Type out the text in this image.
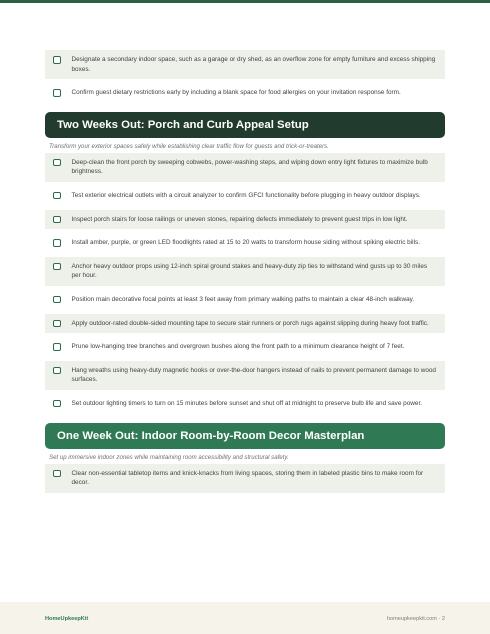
Designate a secondary indoor space, such as a garage or dry shed, as an overflow zone for empty furniture and excess shipping boxes.
Confirm guest dietary restrictions early by including a blank space for food allergies on your invitation response form.
Two Weeks Out: Porch and Curb Appeal Setup
Transform your exterior spaces safely while establishing clear traffic flow for guests and trick-or-treaters.
Deep-clean the front porch by sweeping cobwebs, power-washing steps, and wiping down entry light fixtures to maximize bulb brightness.
Test exterior electrical outlets with a circuit analyzer to confirm GFCI functionality before plugging in heavy outdoor displays.
Inspect porch stairs for loose railings or uneven stones, repairing defects immediately to prevent guest trips in low light.
Install amber, purple, or green LED floodlights rated at 15 to 20 watts to transform house siding without spiking electric bills.
Anchor heavy outdoor props using 12-inch spiral ground stakes and heavy-duty zip ties to withstand wind gusts up to 30 miles per hour.
Position main decorative focal points at least 3 feet away from primary walking paths to maintain a clear 48-inch walkway.
Apply outdoor-rated double-sided mounting tape to secure stair runners or porch rugs against slipping during heavy foot traffic.
Prune low-hanging tree branches and overgrown bushes along the front path to a minimum clearance height of 7 feet.
Hang wreaths using heavy-duty magnetic hooks or over-the-door hangers instead of nails to prevent permanent damage to wood surfaces.
Set outdoor lighting timers to turn on 15 minutes before sunset and shut off at midnight to preserve bulb life and save power.
One Week Out: Indoor Room-by-Room Decor Masterplan
Set up immersive indoor zones while maintaining room accessibility and structural safety.
Clear non-essential tabletop items and knick-knacks from living spaces, storing them in labeled plastic bins to make room for decor.
HomeUpkeepKit	homeupkeepkit.com · 2
